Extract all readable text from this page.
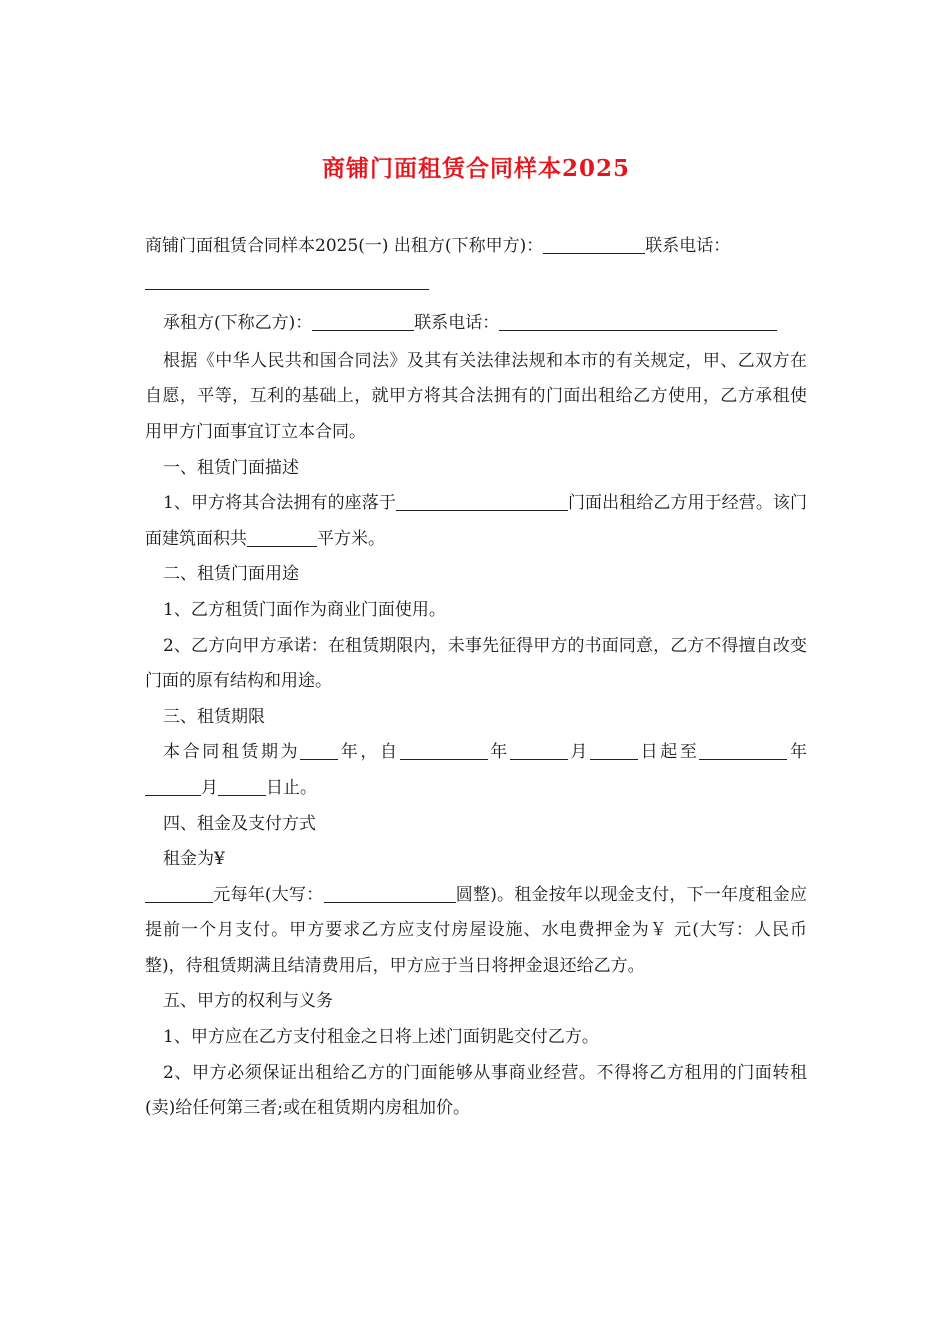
商铺门面租赁合同样本2025

商铺门面租赁合同样本2025(一) 出租方(下称甲方)：	联系电话：

承租方(下称乙方)：	联系电话：

根据《中华人民共和国合同法》及其有关法律法规和本市的有关规定，甲、乙双方在自愿，平等，互利的基础上，就甲方将其合法拥有的门面出租给乙方使用，乙方承租使用甲方门面事宜订立本合同。

一、租赁门面描述

1、甲方将其合法拥有的座落于	门面出租给乙方用于经营。该门面建筑面积共	平方米。

二、租赁门面用途

1、乙方租赁门面作为商业门面使用。

2、乙方向甲方承诺：在租赁期限内，未事先征得甲方的书面同意，乙方不得擅自改变门面的原有结构和用途。

三、租赁期限

本合同租赁期为 年，自	年	月	日起至	年月	日止。

四、租金及支付方式

租金为¥

元每年(大写：	圆整)。租金按年以现金支付，下一年度租金应提前一个月支付。甲方要求乙方应支付房屋设施、水电费押金为￥ 元(大写：人民币 整)，待租赁期满且结清费用后，甲方应于当日将押金退还给乙方。

五、甲方的权利与义务

1、甲方应在乙方支付租金之日将上述门面钥匙交付乙方。

2、甲方必须保证出租给乙方的门面能够从事商业经营。不得将乙方租用的门面转租(卖)给任何第三者;或在租赁期内房租加价。
